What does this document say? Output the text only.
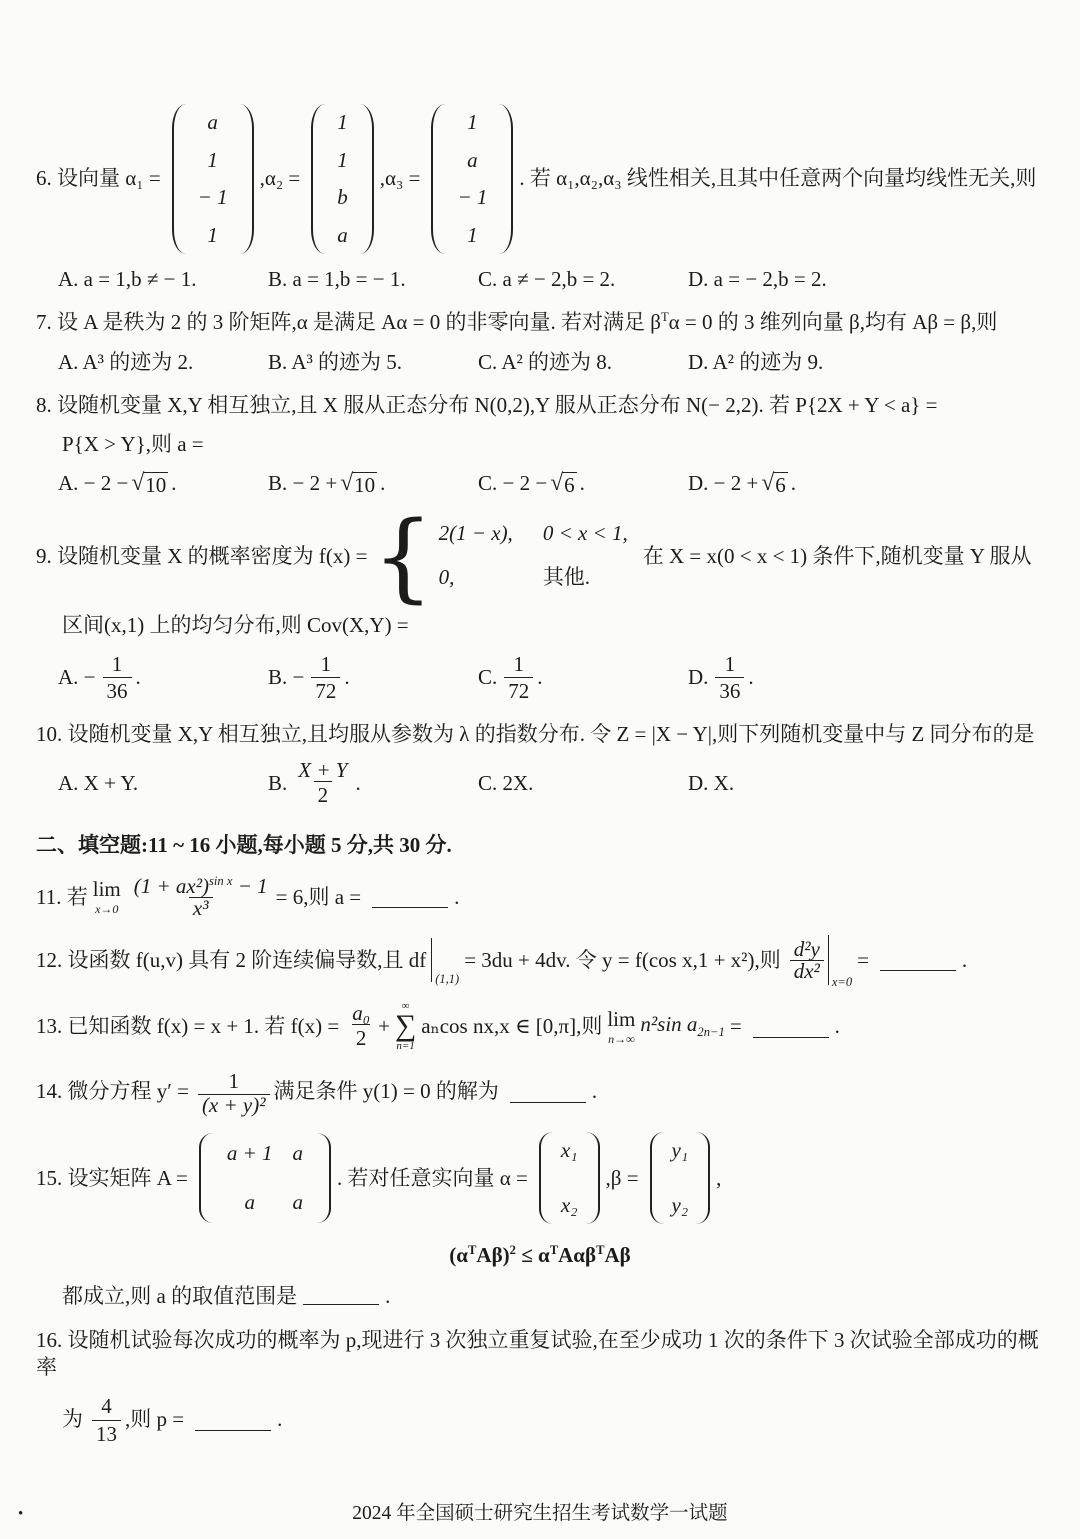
6. 设向量 α₁ =
a
1
− 1
1
,α₂ =
1
1
b
a
,α₃ =
1
a
− 1
1
. 若 α₁,α₂,α₃ 线性相关,且其中任意两个向量均线性无关,则
A. a = 1,b ≠ − 1.	B. a = 1,b = − 1.	C. a ≠ − 2,b = 2.	D. a = − 2,b = 2.
7. 设 A 是秩为 2 的 3 阶矩阵,α 是满足 Aα = 0 的非零向量. 若对满足 $\beta^T\alpha = 0$ 的 3 维列向量 β,均有 Aβ = β,则
A. A³ 的迹为 2.	B. A³ 的迹为 5.	C. A² 的迹为 8.	D. A² 的迹为 9.
8. 设随机变量 X,Y 相互独立,且 X 服从正态分布 N(0,2),Y 服从正态分布 N(− 2,2). 若 P{2X + Y < a} =
P{X > Y},则 a =
A. − 2 − √ 10 .	B. − 2 + √ 10 .	C. − 2 − √ 6 .	D. − 2 + √ 6 .
9. 设随机变量 X 的概率密度为 f(x) = { 2(1 − x), 0 < x < 1,
0,	其他.
在 X = x(0 < x < 1) 条件下,随机变量 Y 服从
区间(x,1) 上的均匀分布,则 Cov(X,Y) =
A. − $\frac{1}{36}$ .	B. − $\frac{1}{72}$ .	C. $\frac{1}{72}$ .	D. $\frac{1}{36}$ .
10. 设随机变量 X,Y 相互独立,且均服从参数为 λ 的指数分布. 令 Z = |X − Y|,则下列随机变量中与 Z 同分布的是
A. X + Y.	B. $\frac{X + Y}{2}$ .	C. 2X.	D. X.
二、填空题:11 ~ 16 小题,每小题 5 分,共 30 分.
11. 若 lim
$x\to 0 \frac{(1 + ax^2)^{sin x} - 1}{\text{x³}} = 6$,则 a =	.
12. 设函数 f(u,v) 具有 2 阶连续偏导数,且 df
(1,1)
= 3du + 4dv. 令 y = f(cos x,1 + x²),则 $\frac{\text{d²y}}{\text{dx²}} x=0$
=	.
13. 已知函数 f(x) = x + 1. 若 $f(x) = \frac{\text{a₀}}{2}$ +
∞
∑
n=1
aₙcos nx,x ∈ [0,π],则 lim
n→∞
n²sin $a_{2n-1}$ =	.
14. 微分方程 $y' = \frac{1}{\text{(x + y)²}}$ 满足条件 y(1) = 0 的解为	.
15. 设实矩阵 A =
a + 1 a
a a
. 若对任意实向量 α =
x₁
x₂
,β =
y₁
y₂
,
$(\alpha^TA\beta)^2 \le \alpha^TA\alpha\beta^TA\beta$
都成立,则 a 的取值范围是	.
16. 设随机试验每次成功的概率为 p,现进行 3 次独立重复试验,在至少成功 1 次的条件下 3 次试验全部成功的概率
为 $\frac{4}{13}$ ,则 p =	.
•	2024 年全国硕士研究生招生考试数学一试题
